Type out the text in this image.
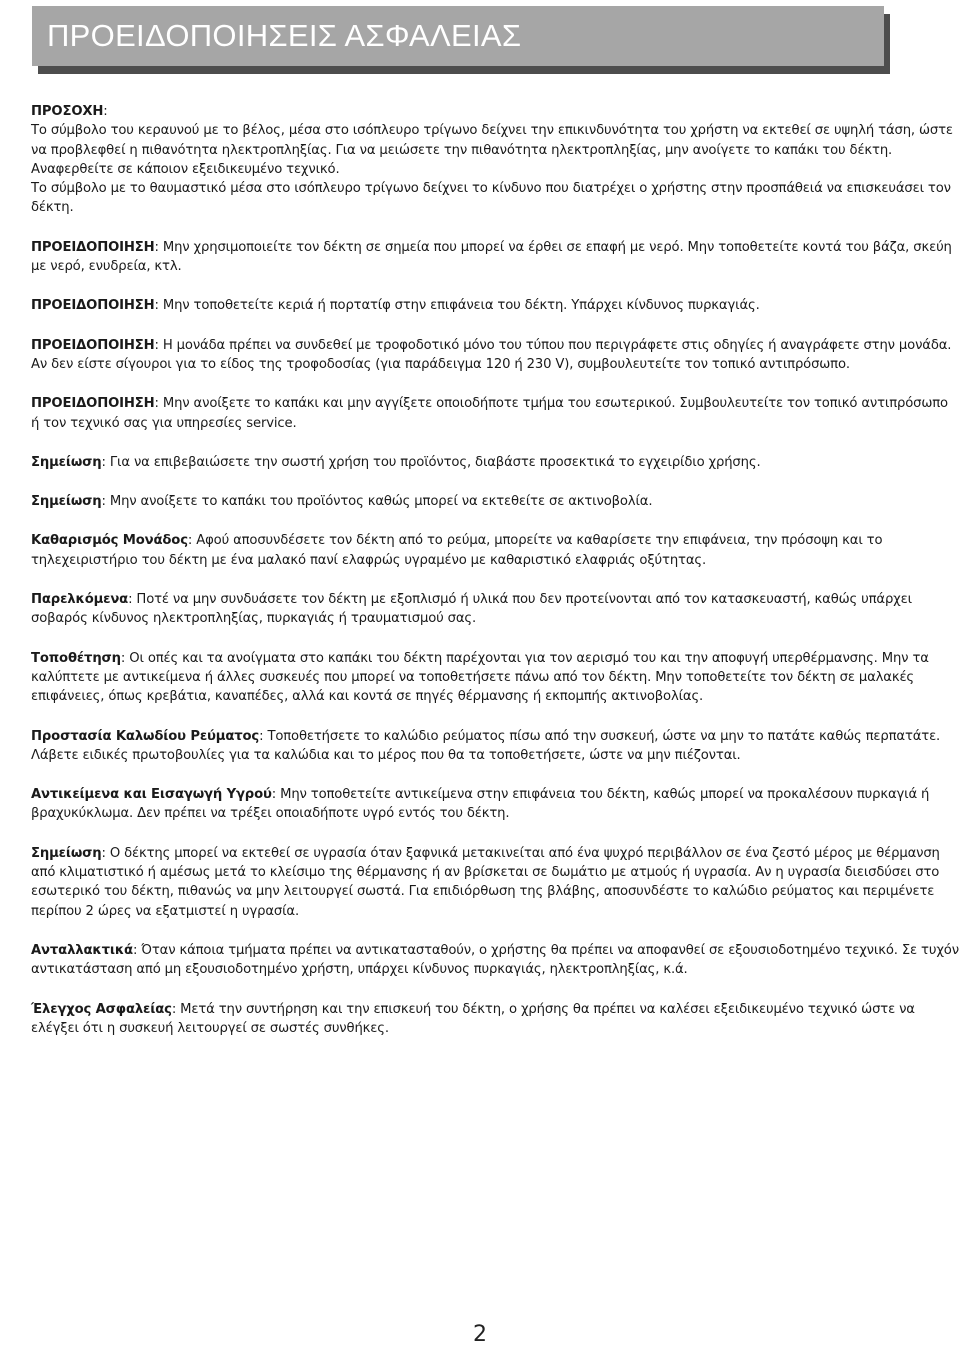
ΠΡΟΕΙΔΟΠΟΙΗΣΕΙΣ ΑΣΦΑΛΕΙΑΣ
ΠΡΟΣΟΧΗ:
Το σύμβολο του κεραυνού με το βέλος, μέσα στο ισόπλευρο τρίγωνο δείχνει την επικινδυνότητα του χρήστη να εκτεθεί σε υψηλή τάση, ώστε να προβλεφθεί η πιθανότητα ηλεκτροπληξίας. Για να μειώσετε την πιθανότητα ηλεκτροπληξίας, μην ανοίγετε το καπάκι του δέκτη. Αναφερθείτε σε κάποιον εξειδικευμένο τεχνικό.
Το σύμβολο με το θαυμαστικό μέσα στο ισόπλευρο τρίγωνο δείχνει το κίνδυνο που διατρέχει ο χρήστης στην προσπάθειά να επισκευάσει τον δέκτη.
ΠΡΟΕΙΔΟΠΟΙΗΣΗ: Μην χρησιμοποιείτε τον δέκτη σε σημεία που μπορεί να έρθει σε επαφή με νερό. Μην τοποθετείτε κοντά του βάζα, σκεύη με νερό, ενυδρεία, κτλ.
ΠΡΟΕΙΔΟΠΟΙΗΣΗ: Μην τοποθετείτε κεριά ή πορτατίφ στην επιφάνεια του δέκτη. Υπάρχει κίνδυνος πυρκαγιάς.
ΠΡΟΕΙΔΟΠΟΙΗΣΗ: Η μονάδα πρέπει να συνδεθεί με τροφοδοτικό μόνο του τύπου που περιγράφετε στις οδηγίες ή αναγράφετε στην μονάδα. Αν δεν είστε σίγουροι για το είδος της τροφοδοσίας (για παράδειγμα 120 ή 230 V), συμβουλευτείτε τον τοπικό αντιπρόσωπο.
ΠΡΟΕΙΔΟΠΟΙΗΣΗ: Μην ανοίξετε το καπάκι και μην αγγίξετε οποιοδήποτε τμήμα του εσωτερικού. Συμβουλευτείτε τον τοπικό αντιπρόσωπο ή τον τεχνικό σας για υπηρεσίες service.
Σημείωση: Για να επιβεβαιώσετε την σωστή χρήση του προϊόντος, διαβάστε προσεκτικά το εγχειρίδιο χρήσης.
Σημείωση: Μην ανοίξετε το καπάκι του προϊόντος καθώς μπορεί να εκτεθείτε σε ακτινοβολία.
Καθαρισμός Μονάδος: Αφού αποσυνδέσετε τον δέκτη από το ρεύμα, μπορείτε να καθαρίσετε την επιφάνεια, την πρόσοψη και το τηλεχειριστήριο του δέκτη με ένα μαλακό πανί ελαφρώς υγραμένο με καθαριστικό ελαφριάς οξύτητας.
Παρελκόμενα: Ποτέ να μην συνδυάσετε τον δέκτη με εξοπλισμό ή υλικά που δεν προτείνονται από τον κατασκευαστή, καθώς υπάρχει σοβαρός κίνδυνος ηλεκτροπληξίας, πυρκαγιάς ή τραυματισμού σας.
Τοποθέτηση: Οι οπές και τα ανοίγματα στο καπάκι του δέκτη παρέχονται για τον αερισμό του και την αποφυγή υπερθέρμανσης. Μην τα καλύπτετε με αντικείμενα ή άλλες συσκευές που μπορεί να τοποθετήσετε πάνω από τον δέκτη. Μην τοποθετείτε τον δέκτη σε μαλακές επιφάνειες, όπως κρεβάτια, καναπέδες, αλλά και κοντά σε πηγές θέρμανσης ή εκπομπής ακτινοβολίας.
Προστασία Καλωδίου Ρεύματος: Τοποθετήσετε το καλώδιο ρεύματος πίσω από την συσκευή, ώστε να μην το πατάτε καθώς περπατάτε. Λάβετε ειδικές πρωτοβουλίες για τα καλώδια και το μέρος που θα τα τοποθετήσετε, ώστε να μην πιέζονται.
Αντικείμενα και Εισαγωγή Υγρού: Μην τοποθετείτε αντικείμενα στην επιφάνεια του δέκτη, καθώς μπορεί να προκαλέσουν πυρκαγιά ή βραχυκύκλωμα. Δεν πρέπει να τρέξει οποιαδήποτε υγρό εντός του δέκτη.
Σημείωση: Ο δέκτης μπορεί να εκτεθεί σε υγρασία όταν ξαφνικά μετακινείται από ένα ψυχρό περιβάλλον σε ένα ζεστό μέρος με θέρμανση από κλιματιστικό ή αμέσως μετά το κλείσιμο της θέρμανσης ή αν βρίσκεται σε δωμάτιο με ατμούς ή υγρασία. Αν η υγρασία διεισδύσει στο εσωτερικό του δέκτη, πιθανώς να μην λειτουργεί σωστά. Για επιδιόρθωση της βλάβης, αποσυνδέστε το καλώδιο ρεύματος και περιμένετε περίπου 2 ώρες να εξατμιστεί η υγρασία.
Ανταλλακτικά: Όταν κάποια τμήματα πρέπει να αντικατασταθούν, ο χρήστης θα πρέπει να αποφανθεί σε εξουσιοδοτημένο τεχνικό. Σε τυχόν αντικατάσταση από μη εξουσιοδοτημένο χρήστη, υπάρχει κίνδυνος πυρκαγιάς, ηλεκτροπληξίας, κ.ά.
Έλεγχος Ασφαλείας: Μετά την συντήρηση και την επισκευή του δέκτη, ο χρήσης θα πρέπει να καλέσει εξειδικευμένο τεχνικό ώστε να ελέγξει ότι η συσκευή λειτουργεί σε σωστές συνθήκες.
2
